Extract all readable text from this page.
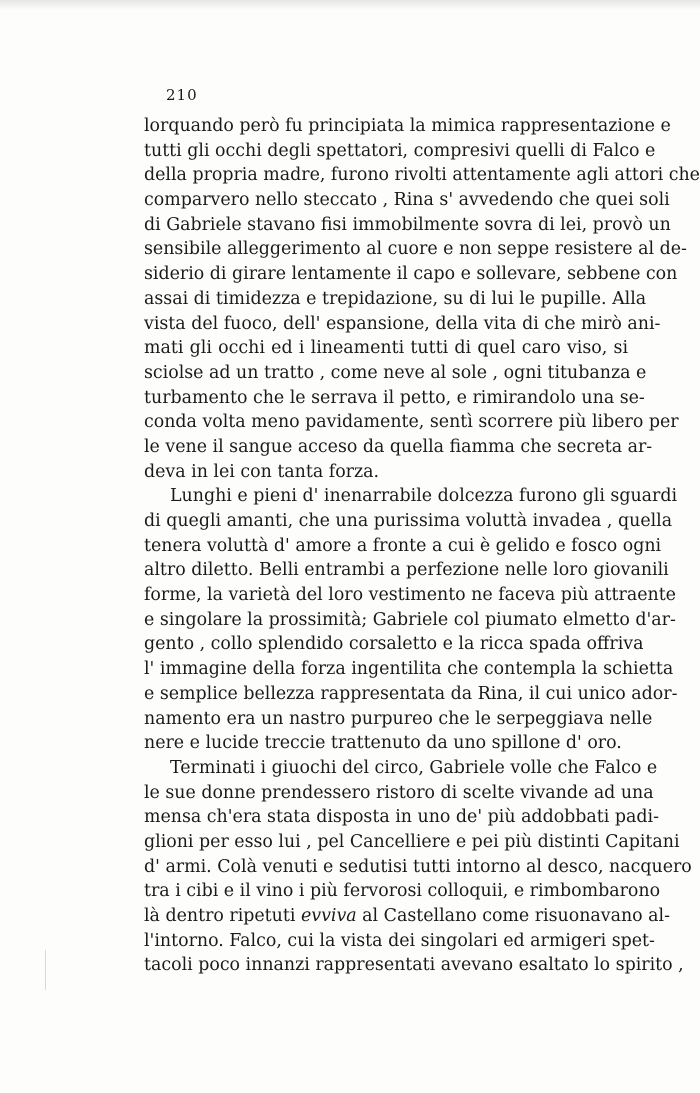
210
lorquando però fu principiata la mimica rappresentazione e
tutti gli occhi degli spettatori, compresivi quelli di Falco e
della propria madre, furono rivolti attentamente agli attori che
comparvero nello steccato , Rina s' avvedendo che quei soli
di Gabriele stavano fisi immobilmente sovra di lei, provò un
sensibile alleggerimento al cuore e non seppe resistere al de-
siderio di girare lentamente il capo e sollevare, sebbene con
assai di timidezza e trepidazione, su di lui le pupille. Alla
vista del fuoco, dell' espansione, della vita di che mirò ani-
mati gli occhi ed i lineamenti tutti di quel caro viso, si
sciolse ad un tratto , come neve al sole , ogni titubanza e
turbamento che le serrava il petto, e rimirandolo una se-
conda volta meno pavidamente, sentì scorrere più libero per
le vene il sangue acceso da quella fiamma che secreta ar-
deva in lei con tanta forza.
Lunghi e pieni d' inenarrabile dolcezza furono gli sguardi
di quegli amanti, che una purissima voluttà invadea , quella
tenera voluttà d' amore a fronte a cui è gelido e fosco ogni
altro diletto. Belli entrambi a perfezione nelle loro giovanili
forme, la varietà del loro vestimento ne faceva più attraente
e singolare la prossimità; Gabriele col piumato elmetto d'ar-
gento , collo splendido corsaletto e la ricca spada offriva
l' immagine della forza ingentilita che contempla la schietta
e semplice bellezza rappresentata da Rina, il cui unico ador-
namento era un nastro purpureo che le serpeggiava nelle
nere e lucide treccie trattenuto da uno spillone d' oro.
Terminati i giuochi del circo, Gabriele volle che Falco e
le sue donne prendessero ristoro di scelte vivande ad una
mensa ch'era stata disposta in uno de' più addobbati padi-
glioni per esso lui , pel Cancelliere e pei più distinti Capitani
d' armi. Colà venuti e sedutisi tutti intorno al desco, nacquero
tra i cibi e il vino i più fervorosi colloquii, e rimbombarono
là dentro ripetuti evviva al Castellano come risuonavano al-
l'intorno. Falco, cui la vista dei singolari ed armigeri spet-
tacoli poco innanzi rappresentati avevano esaltato lo spirito ,
